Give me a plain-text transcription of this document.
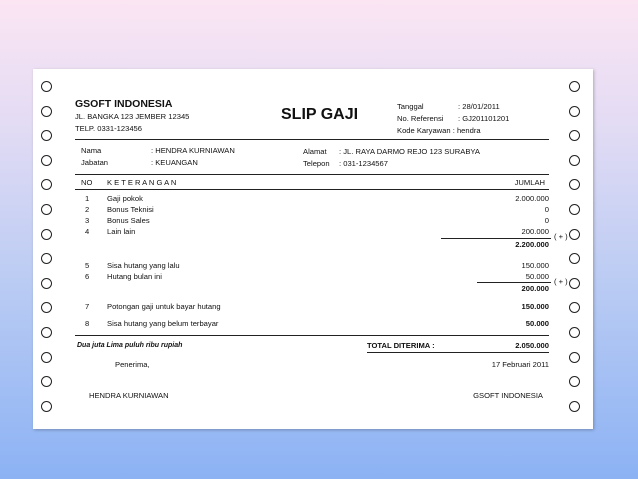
GSOFT INDONESIA
JL. BANGKA 123 JEMBER 12345
TELP. 0331-123456
SLIP GAJI	Tanggal	: 28/01/2011
No. Referensi : GJ201101201
Kode Karyawan : hendra
Nama	: HENDRA KURNIAWAN
Jabatan	: KEUANGAN
Alamat : JL. RAYA DARMO REJO 123 SURABYA
Telepon : 031-1234567
NO K E T E R A N G A N	JUMLAH
1 Gaji pokok	2.000.000
2 Bonus Teknisi	0
3 Bonus Sales	0
4 Lain lain	200.000
( + )
2.200.000
5 Sisa hutang yang lalu	150.000
6 Hutang bulan ini	50.000
( + )
200.000
7 Potongan gaji untuk bayar hutang	150.000
8 Sisa hutang yang belum terbayar	50.000
Dua juta Lima puluh ribu rupiah	TOTAL DITERIMA :	2.050.000
Penerima,	17 Februari 2011
HENDRA KURNIAWAN	GSOFT INDONESIA
